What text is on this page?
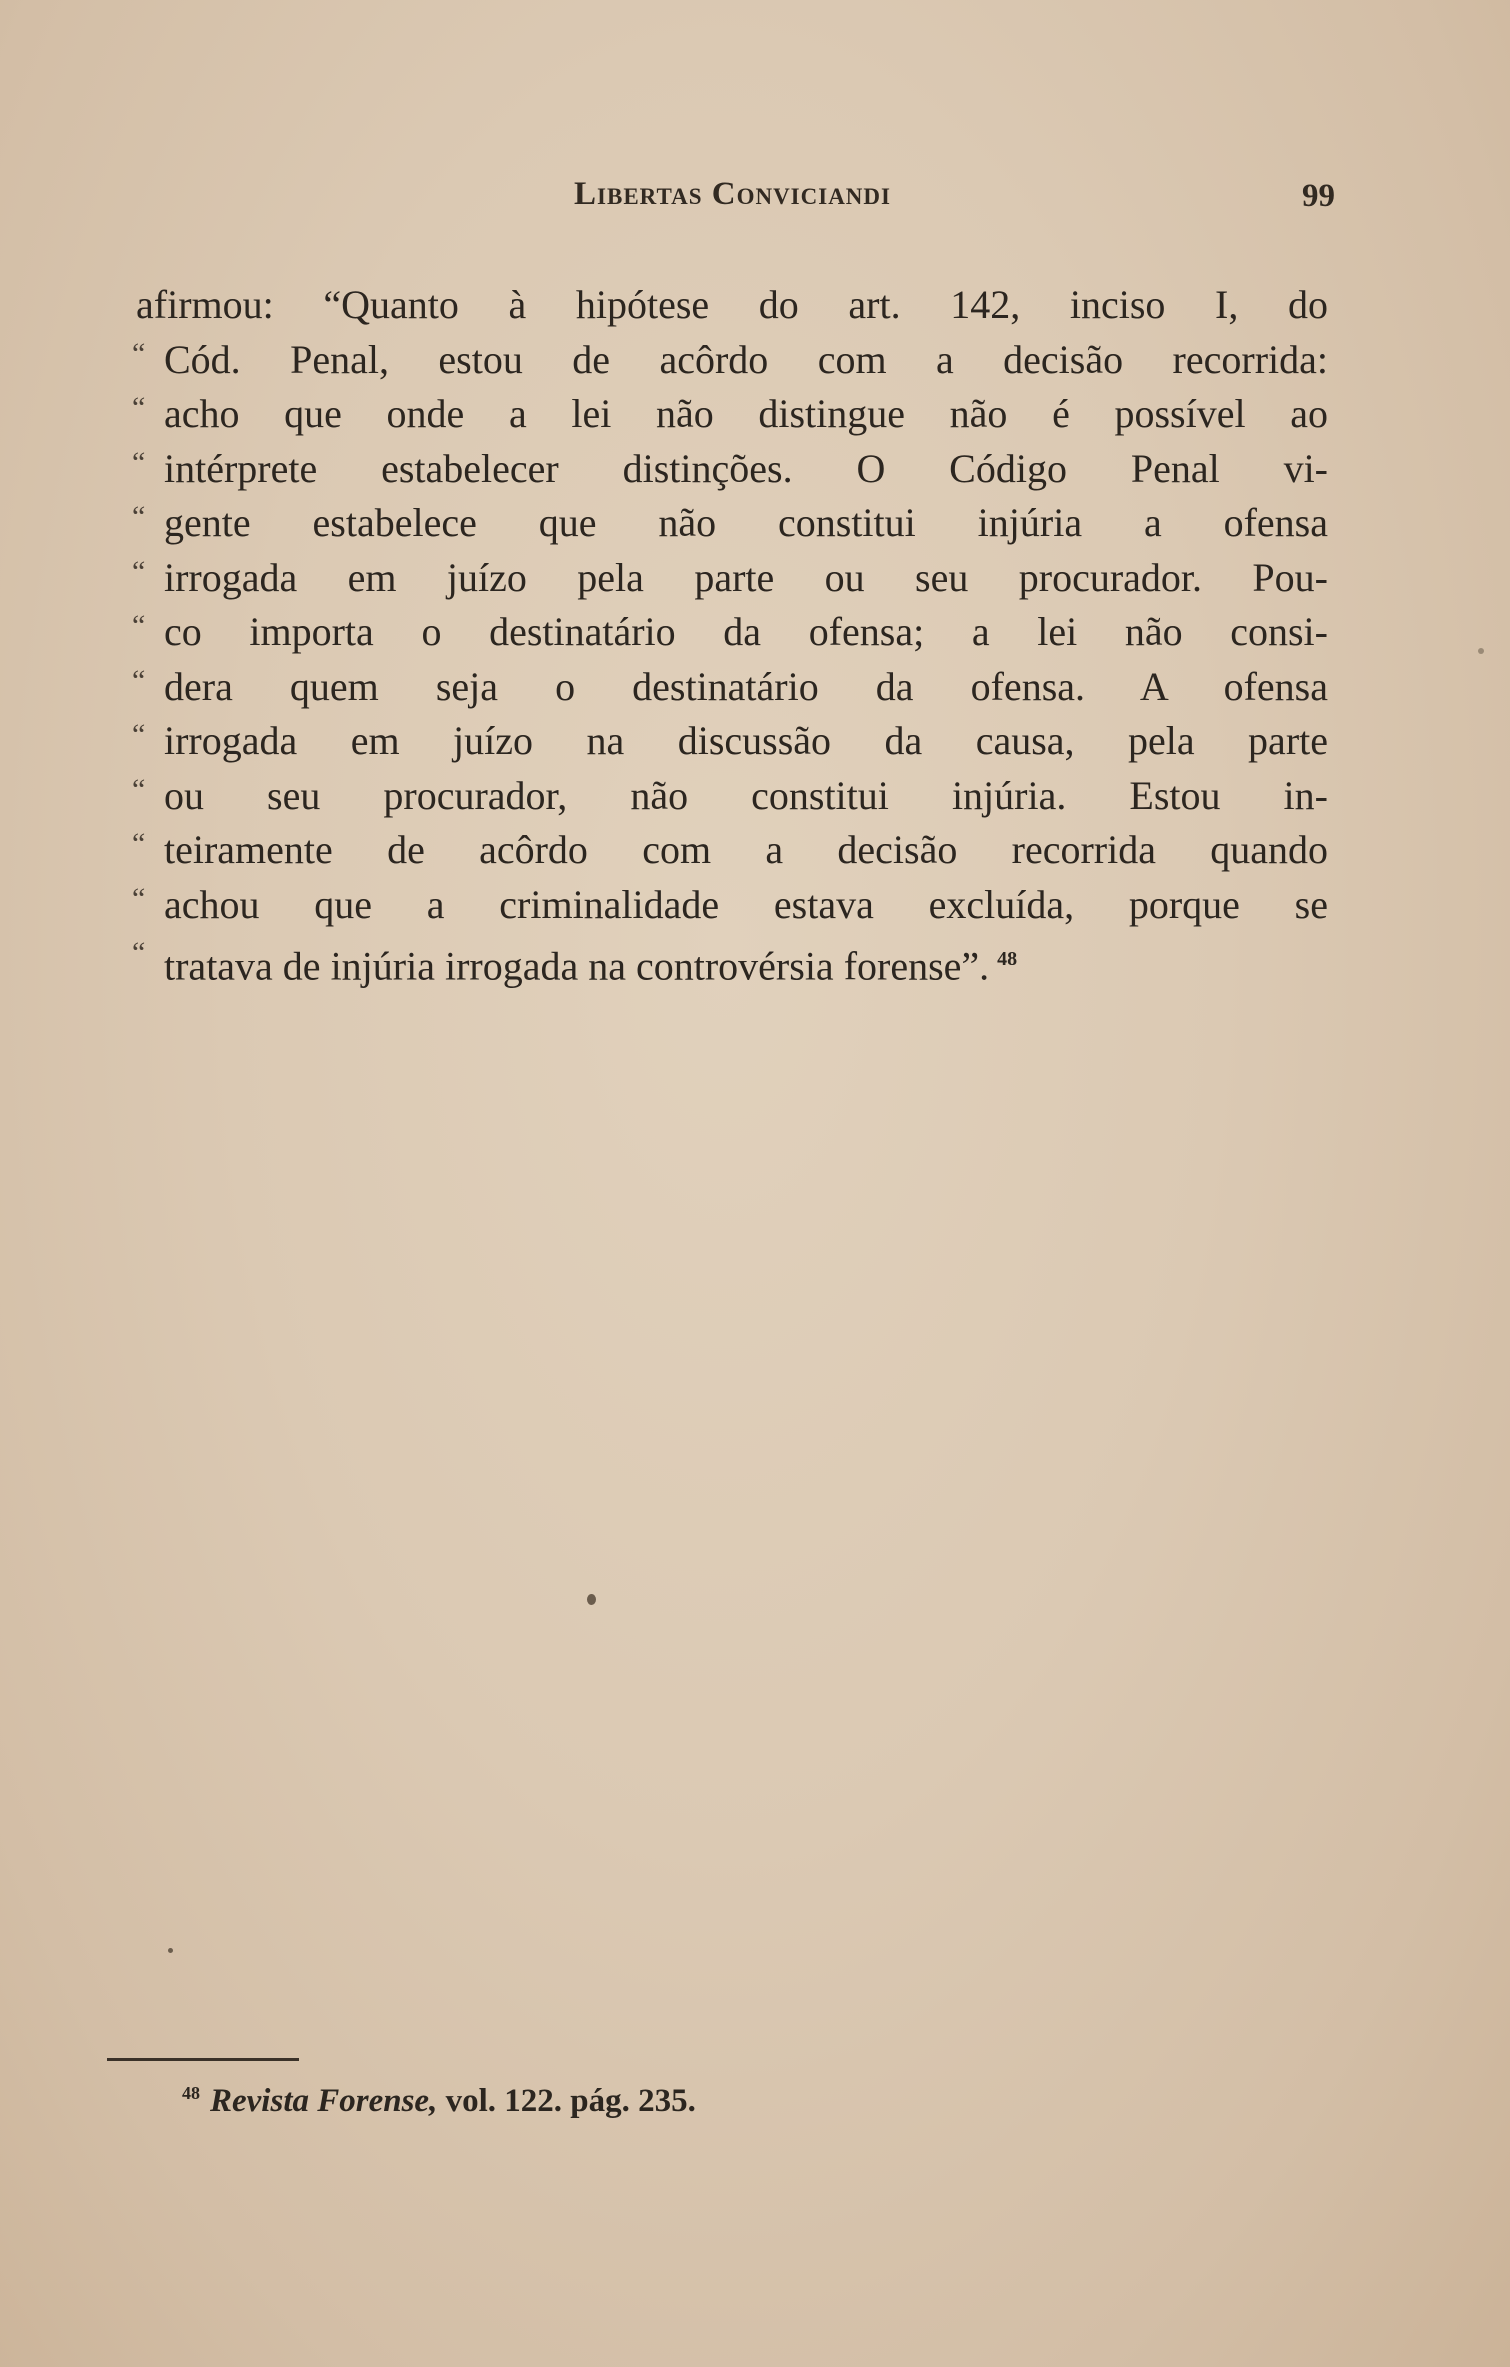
Libertas Conviciandi	99
afirmou: “Quanto à hipótese do art. 142, inciso I, do
“ Cód. Penal, estou de acôrdo com a decisão recorrida:
“ acho que onde a lei não distingue não é possível ao
“ intérprete estabelecer distinções. O Código Penal vi-
“ gente estabelece que não constitui injúria a ofensa
“ irrogada em juízo pela parte ou seu procurador. Pou-
“ co importa o destinatário da ofensa; a lei não consi-
“ dera quem seja o destinatário da ofensa. A ofensa
“ irrogada em juízo na discussão da causa, pela parte
“ ou seu procurador, não constitui injúria. Estou in-
“ teiramente de acôrdo com a decisão recorrida quando
“ achou que a criminalidade estava excluída, porque se
“ tratava de injúria irrogada na controvérsia forense”. $^{48}$
$^{48}$ Revista Forense, vol. 122. pág. 235.
